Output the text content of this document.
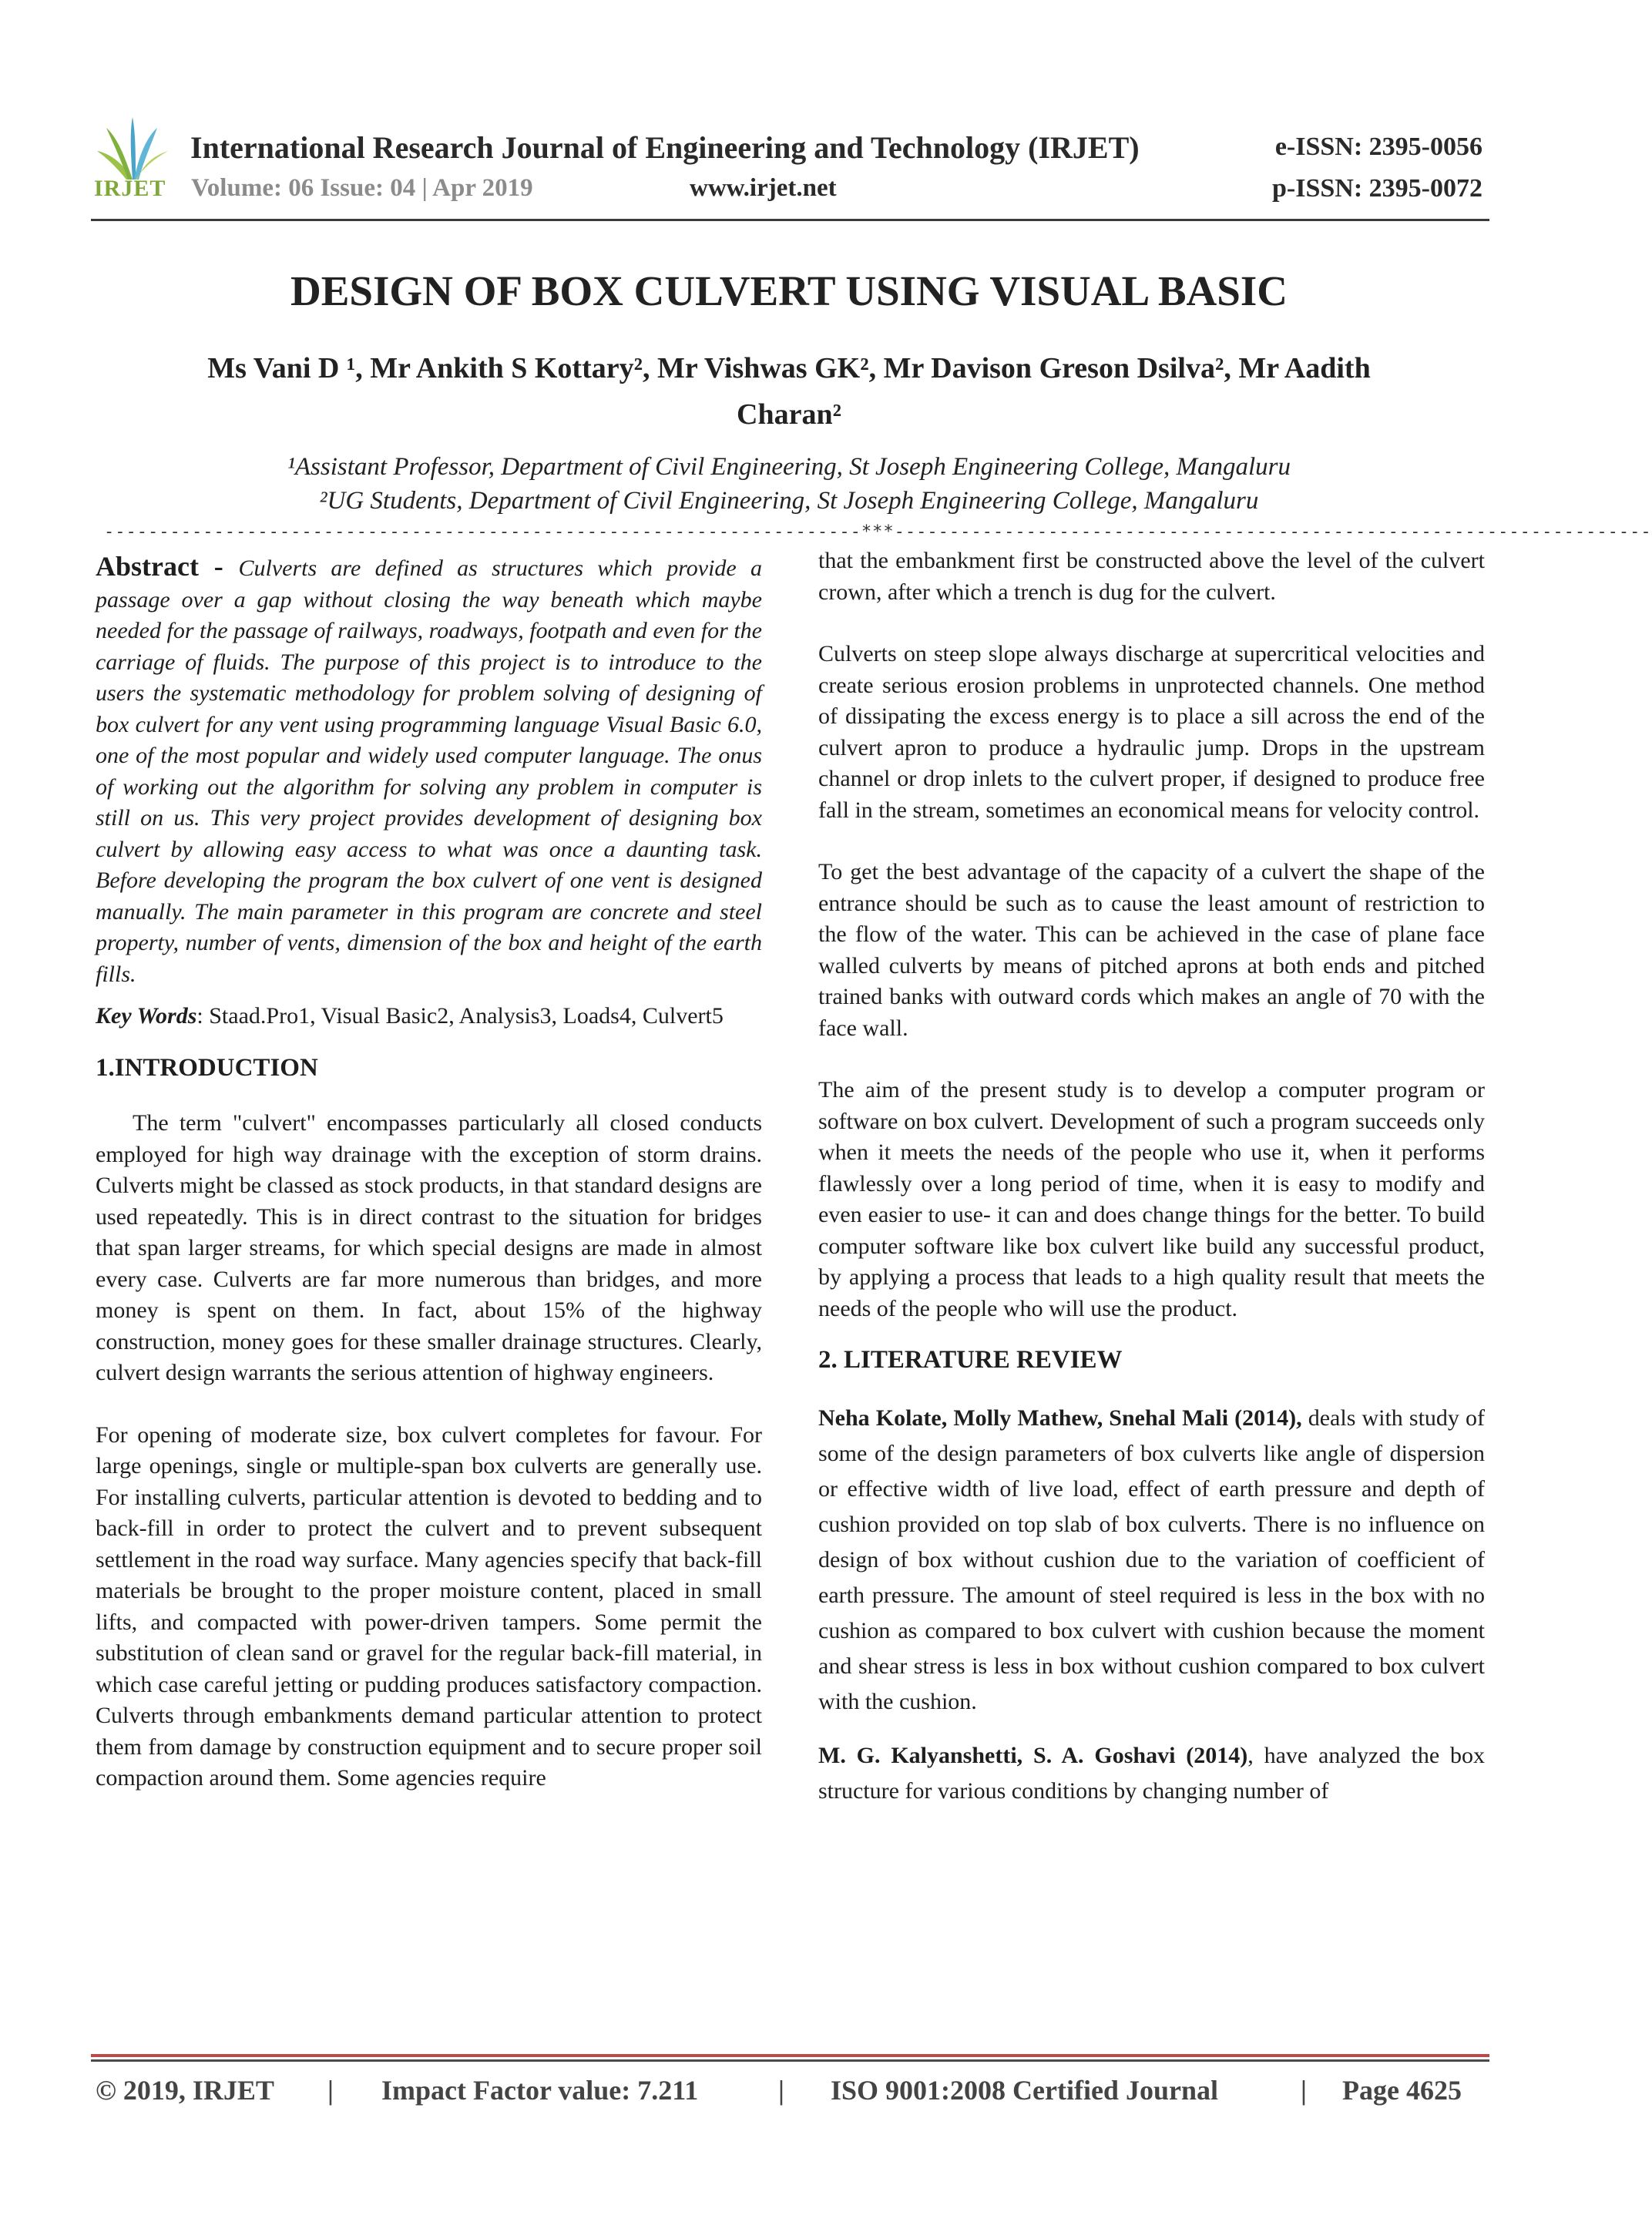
IRJET
International Research Journal of Engineering and Technology (IRJET)
Volume: 06 Issue: 04 | Apr 2019	www.irjet.net
e-ISSN: 2395-0056
p-ISSN: 2395-0072
DESIGN OF BOX CULVERT USING VISUAL BASIC
Ms Vani D ¹, Mr Ankith S Kottary², Mr Vishwas GK², Mr Davison Greson Dsilva², Mr Aadith
Charan²
¹Assistant Professor, Department of Civil Engineering, St Joseph Engineering College, Mangaluru
²UG Students, Department of Civil Engineering, St Joseph Engineering College, Mangaluru
---------------------------------------------------------------------***---------------------------------------------------------------------

Abstract - Culverts are defined as structures which provide a passage over a gap without closing the way beneath which maybe needed for the passage of railways, roadways, footpath and even for the carriage of fluids. The purpose of this project is to introduce to the users the systematic methodology for problem solving of designing of box culvert for any vent using programming language Visual Basic 6.0, one of the most popular and widely used computer language. The onus of working out the algorithm for solving any problem in computer is still on us. This very project provides development of designing box culvert by allowing easy access to what was once a daunting task. Before developing the program the box culvert of one vent is designed manually. The main parameter in this program are concrete and steel property, number of vents, dimension of the box and height of the earth fills.

Key Words: Staad.Pro1, Visual Basic2, Analysis3, Loads4, Culvert5

1.INTRODUCTION

The term "culvert" encompasses particularly all closed conducts employed for high way drainage with the exception of storm drains. Culverts might be classed as stock products, in that standard designs are used repeatedly. This is in direct contrast to the situation for bridges that span larger streams, for which special designs are made in almost every case. Culverts are far more numerous than bridges, and more money is spent on them. In fact, about 15% of the highway construction, money goes for these smaller drainage structures. Clearly, culvert design warrants the serious attention of highway engineers.

For opening of moderate size, box culvert completes for favour. For large openings, single or multiple-span box culverts are generally use. For installing culverts, particular attention is devoted to bedding and to back-fill in order to protect the culvert and to prevent subsequent settlement in the road way surface. Many agencies specify that back-fill materials be brought to the proper moisture content, placed in small lifts, and compacted with power-driven tampers. Some permit the substitution of clean sand or gravel for the regular back-fill material, in which case careful jetting or pudding produces satisfactory compaction. Culverts through embankments demand particular attention to protect them from damage by construction equipment and to secure proper soil compaction around them. Some agencies require

that the embankment first be constructed above the level of the culvert crown, after which a trench is dug for the culvert.

Culverts on steep slope always discharge at supercritical velocities and create serious erosion problems in unprotected channels. One method of dissipating the excess energy is to place a sill across the end of the culvert apron to produce a hydraulic jump. Drops in the upstream channel or drop inlets to the culvert proper, if designed to produce free fall in the stream, sometimes an economical means for velocity control.

To get the best advantage of the capacity of a culvert the shape of the entrance should be such as to cause the least amount of restriction to the flow of the water. This can be achieved in the case of plane face walled culverts by means of pitched aprons at both ends and pitched trained banks with outward cords which makes an angle of 70 with the face wall.

The aim of the present study is to develop a computer program or software on box culvert. Development of such a program succeeds only when it meets the needs of the people who use it, when it performs flawlessly over a long period of time, when it is easy to modify and even easier to use- it can and does change things for the better. To build computer software like box culvert like build any successful product, by applying a process that leads to a high quality result that meets the needs of the people who will use the product.

2. LITERATURE REVIEW

Neha Kolate, Molly Mathew, Snehal Mali (2014), deals with study of some of the design parameters of box culverts like angle of dispersion or effective width of live load, effect of earth pressure and depth of cushion provided on top slab of box culverts. There is no influence on design of box without cushion due to the variation of coefficient of earth pressure. The amount of steel required is less in the box with no cushion as compared to box culvert with cushion because the moment and shear stress is less in box without cushion compared to box culvert with the cushion.

M. G. Kalyanshetti, S. A. Goshavi (2014), have analyzed the box structure for various conditions by changing number of

© 2019, IRJET | Impact Factor value: 7.211	| ISO 9001:2008 Certified Journal	| Page 4625
